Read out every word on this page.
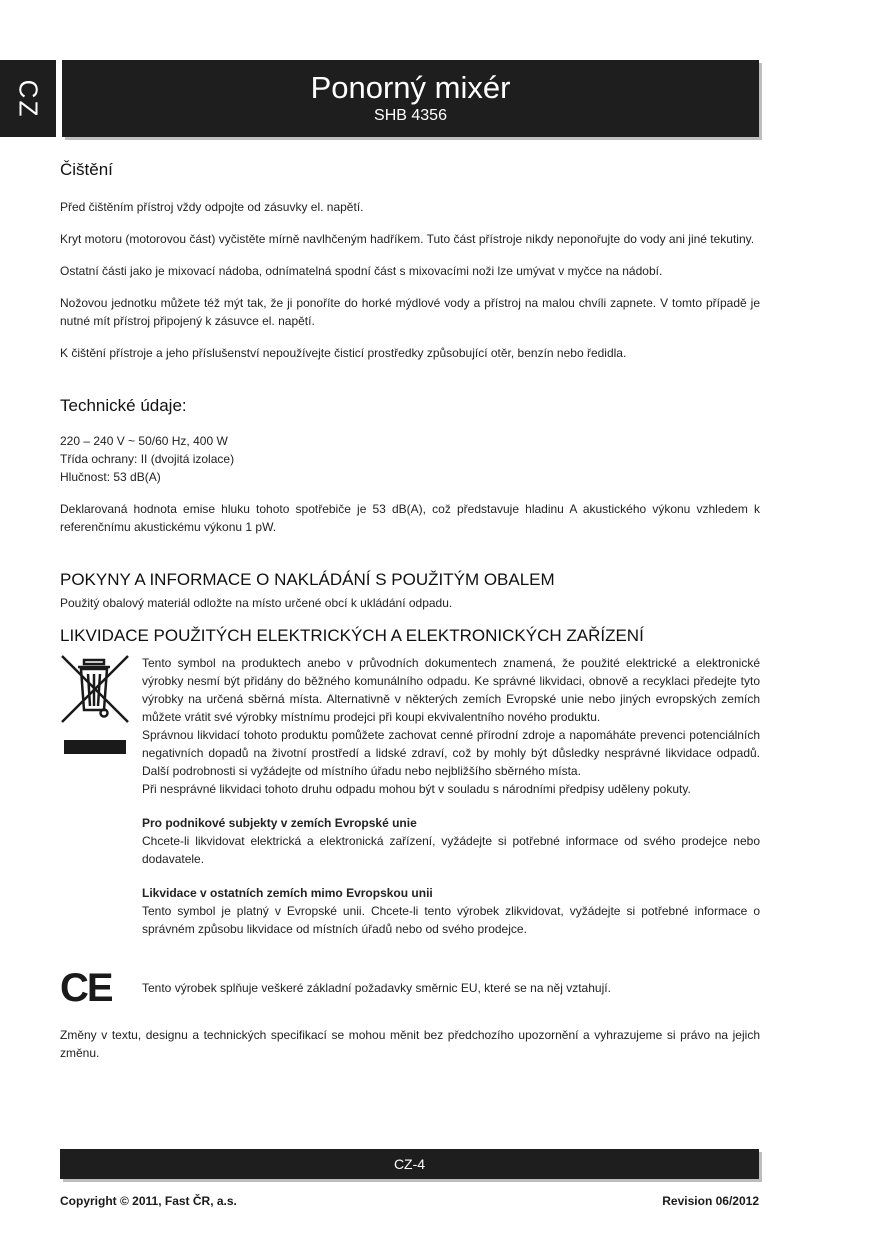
CZ	Ponorný mixér
SHB 4356
Čištění

Před čištěním přístroj vždy odpojte od zásuvky el. napětí.

Kryt motoru (motorovou část) vyčistěte mírně navlhčeným hadříkem. Tuto část přístroje nikdy neponořujte do vody ani jiné tekutiny.

Ostatní části jako je mixovací nádoba, odnímatelná spodní část s mixovacími noži lze umývat v myčce na nádobí.

Nožovou jednotku můžete též mýt tak, že ji ponoříte do horké mýdlové vody a přístroj na malou chvíli zapnete. V tomto případě je nutné mít přístroj připojený k zásuvce el. napětí.

K čištění přístroje a jeho příslušenství nepoužívejte čisticí prostředky způsobující otěr, benzín nebo ředidla.

Technické údaje:

220 – 240 V ~ 50/60 Hz, 400 W

Třída ochrany: II (dvojitá izolace)

Hlučnost: 53 dB(A)

Deklarovaná hodnota emise hluku tohoto spotřebiče je 53 dB(A), což představuje hladinu A akustického výkonu vzhledem k referenčnímu akustickému výkonu 1 pW.

POKYNY A INFORMACE O NAKLÁDÁNÍ S POUŽITÝM OBALEM

Použitý obalový materiál odložte na místo určené obcí k ukládání odpadu.

LIKVIDACE POUŽITÝCH ELEKTRICKÝCH A ELEKTRONICKÝCH ZAŘÍZENÍ

Tento symbol na produktech anebo v průvodních dokumentech znamená, že použité elektrické a elektronické výrobky nesmí být přidány do běžného komunálního odpadu. Ke správné likvidaci, obnově a recyklaci předejte tyto výrobky na určená sběrná místa. Alternativně v některých zemích Evropské unie nebo jiných evropských zemích můžete vrátit své výrobky místnímu prodejci při koupi ekvivalentního nového produktu.

Správnou likvidací tohoto produktu pomůžete zachovat cenné přírodní zdroje a napomáháte prevenci potenciálních negativních dopadů na životní prostředí a lidské zdraví, což by mohly být důsledky nesprávné likvidace odpadů. Další podrobnosti si vyžádejte od místního úřadu nebo nejbližšího sběrného místa.

Při nesprávné likvidaci tohoto druhu odpadu mohou být v souladu s národními předpisy uděleny pokuty.

Pro podnikové subjekty v zemích Evropské unie

Chcete-li likvidovat elektrická a elektronická zařízení, vyžádejte si potřebné informace od svého prodejce nebo dodavatele.

Likvidace v ostatních zemích mimo Evropskou unii

Tento symbol je platný v Evropské unii. Chcete-li tento výrobek zlikvidovat, vyžádejte si potřebné informace o správném způsobu likvidace od místních úřadů nebo od svého prodejce.

CE	Tento výrobek splňuje veškeré základní požadavky směrnic EU, které se na něj vztahují.

Změny v textu, designu a technických specifikací se mohou měnit bez předchozího upozornění a vyhrazujeme si právo na jejich změnu.

CZ-4
Copyright © 2011, Fast ČR, a.s.	Revision 06/2012
